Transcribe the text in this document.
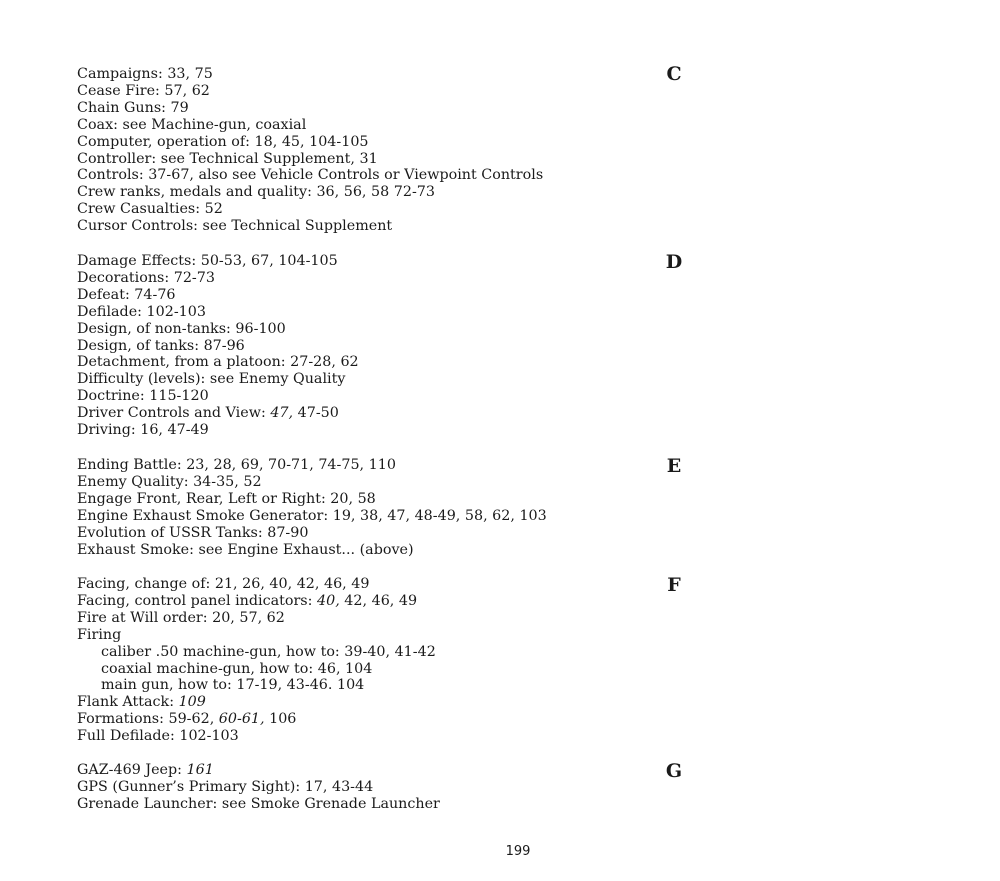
C
Campaigns: 33, 75
Cease Fire: 57, 62
Chain Guns: 79
Coax: see Machine-gun, coaxial
Computer, operation of: 18, 45, 104-105
Controller: see Technical Supplement, 31
Controls: 37-67, also see Vehicle Controls or Viewpoint Controls
Crew ranks, medals and quality: 36, 56, 58 72-73
Crew Casualties: 52
Cursor Controls: see Technical Supplement
D
Damage Effects: 50-53, 67, 104-105
Decorations: 72-73
Defeat: 74-76
Defilade: 102-103
Design, of non-tanks: 96-100
Design, of tanks: 87-96
Detachment, from a platoon: 27-28, 62
Difficulty (levels): see Enemy Quality
Doctrine: 115-120
Driver Controls and View: 47, 47-50
Driving: 16, 47-49
E
Ending Battle: 23, 28, 69, 70-71, 74-75, 110
Enemy Quality: 34-35, 52
Engage Front, Rear, Left or Right: 20, 58
Engine Exhaust Smoke Generator: 19, 38, 47, 48-49, 58, 62, 103
Evolution of USSR Tanks: 87-90
Exhaust Smoke: see Engine Exhaust... (above)
F
Facing, change of: 21, 26, 40, 42, 46, 49
Facing, control panel indicators: 40, 42, 46, 49
Fire at Will order: 20, 57, 62
Firing
caliber .50 machine-gun, how to: 39-40, 41-42
coaxial machine-gun, how to: 46, 104
main gun, how to: 17-19, 43-46. 104
Flank Attack: 109
Formations: 59-62, 60-61, 106
Full Defilade: 102-103
G
GAZ-469 Jeep: 161
GPS (Gunner’s Primary Sight): 17, 43-44
Grenade Launcher: see Smoke Grenade Launcher
199
